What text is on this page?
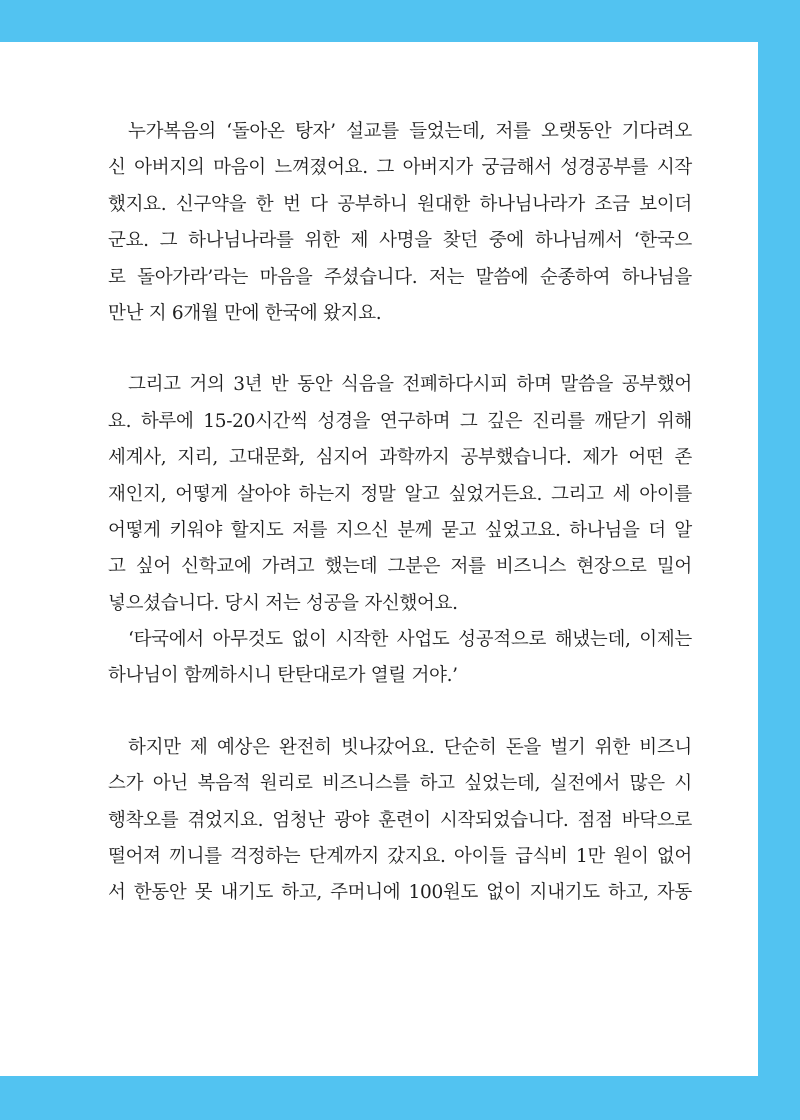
누가복음의 ‘돌아온 탕자’ 설교를 들었는데, 저를 오랫동안 기다려오
신 아버지의 마음이 느껴졌어요. 그 아버지가 궁금해서 성경공부를 시작
했지요. 신구약을 한 번 다 공부하니 원대한 하나님나라가 조금 보이더
군요. 그 하나님나라를 위한 제 사명을 찾던 중에 하나님께서 ‘한국으
로 돌아가라’라는 마음을 주셨습니다. 저는 말씀에 순종하여 하나님을
만난 지 6개월 만에 한국에 왔지요.
그리고 거의 3년 반 동안 식음을 전폐하다시피 하며 말씀을 공부했어
요. 하루에 15-20시간씩 성경을 연구하며 그 깊은 진리를 깨닫기 위해
세계사, 지리, 고대문화, 심지어 과학까지 공부했습니다. 제가 어떤 존
재인지, 어떻게 살아야 하는지 정말 알고 싶었거든요. 그리고 세 아이를
어떻게 키워야 할지도 저를 지으신 분께 묻고 싶었고요. 하나님을 더 알
고 싶어 신학교에 가려고 했는데 그분은 저를 비즈니스 현장으로 밀어
넣으셨습니다. 당시 저는 성공을 자신했어요.
‘타국에서 아무것도 없이 시작한 사업도 성공적으로 해냈는데, 이제는
하나님이 함께하시니 탄탄대로가 열릴 거야.’
하지만 제 예상은 완전히 빗나갔어요. 단순히 돈을 벌기 위한 비즈니
스가 아닌 복음적 원리로 비즈니스를 하고 싶었는데, 실전에서 많은 시
행착오를 겪었지요. 엄청난 광야 훈련이 시작되었습니다. 점점 바닥으로
떨어져 끼니를 걱정하는 단계까지 갔지요. 아이들 급식비 1만 원이 없어
서 한동안 못 내기도 하고, 주머니에 100원도 없이 지내기도 하고, 자동
